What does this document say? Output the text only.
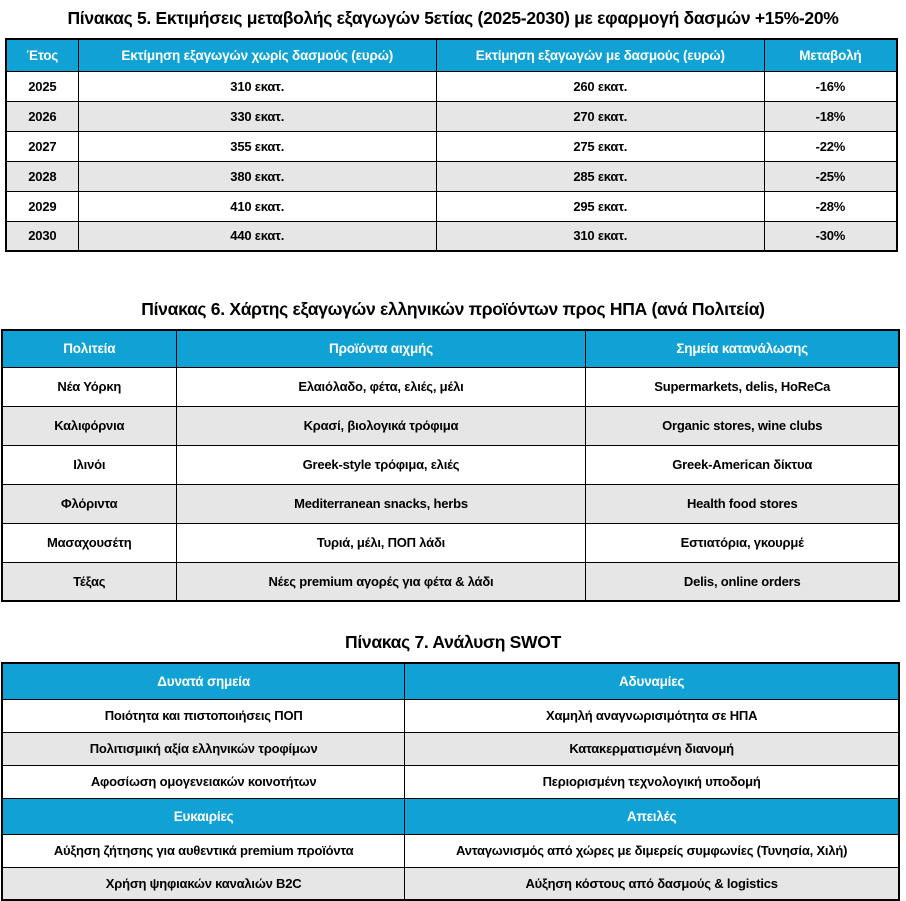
Πίνακας 5. Εκτιμήσεις μεταβολής εξαγωγών 5ετίας (2025-2030) με εφαρμογή δασμών +15%-20%
Έτος	Εκτίμηση εξαγωγών χωρίς δασμούς (ευρώ)	Εκτίμηση εξαγωγών με δασμούς (ευρώ)	Μεταβολή
2025	310 εκατ.	260 εκατ.	-16%
2026	330 εκατ.	270 εκατ.	-18%
2027	355 εκατ.	275 εκατ.	-22%
2028	380 εκατ.	285 εκατ.	-25%
2029	410 εκατ.	295 εκατ.	-28%
2030	440 εκατ.	310 εκατ.	-30%
Πίνακας 6. Χάρτης εξαγωγών ελληνικών προϊόντων προς ΗΠΑ (ανά Πολιτεία)
Πολιτεία	Προϊόντα αιχμής	Σημεία κατανάλωσης
Νέα Υόρκη	Ελαιόλαδο, φέτα, ελιές, μέλι	Supermarkets, delis, HoReCa
Καλιφόρνια	Κρασί, βιολογικά τρόφιμα	Organic stores, wine clubs
Ιλινόι	Greek-style τρόφιμα, ελιές	Greek-American δίκτυα
Φλόριντα	Mediterranean snacks, herbs	Health food stores
Μασαχουσέτη	Τυριά, μέλι, ΠΟΠ λάδι	Εστιατόρια, γκουρμέ
Τέξας	Νέες premium αγορές για φέτα & λάδι	Delis, online orders
Πίνακας 7. Ανάλυση SWOT
Δυνατά σημεία	Αδυναμίες
Ποιότητα και πιστοποιήσεις ΠΟΠ	Χαμηλή αναγνωρισιμότητα σε ΗΠΑ
Πολιτισμική αξία ελληνικών τροφίμων	Κατακερματισμένη διανομή
Αφοσίωση ομογενειακών κοινοτήτων	Περιορισμένη τεχνολογική υποδομή
Ευκαιρίες	Απειλές
Αύξηση ζήτησης για αυθεντικά premium προϊόντα	Ανταγωνισμός από χώρες με διμερείς συμφωνίες (Τυνησία, Χιλή)
Χρήση ψηφιακών καναλιών B2C	Αύξηση κόστους από δασμούς & logistics
